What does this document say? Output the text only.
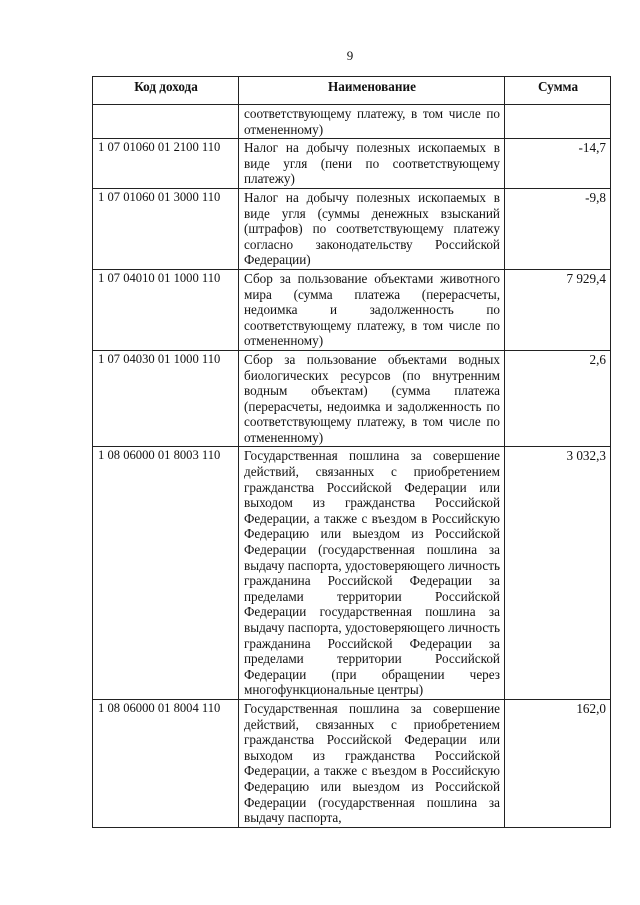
9
Код дохода	Наименование	Сумма
	соответствующему платежу, в том числе по отмененному)	
1 07 01060 01 2100 110	Налог на добычу полезных ископаемых в виде угля (пени по соответствующему платежу)	-14,7
1 07 01060 01 3000 110	Налог на добычу полезных ископаемых в виде угля (суммы денежных взысканий (штрафов) по соответствующему платежу согласно законодательству Российской Федерации)	-9,8
1 07 04010 01 1000 110	Сбор за пользование объектами животного мира (сумма платежа (перерасчеты, недоимка и задолженность по соответствующему платежу, в том числе по отмененному)	7 929,4
1 07 04030 01 1000 110	Сбор за пользование объектами водных биологических ресурсов (по внутренним водным объектам) (сумма платежа (перерасчеты, недоимка и задолженность по соответствующему платежу, в том числе по отмененному)	2,6
1 08 06000 01 8003 110	Государственная пошлина за совершение действий, связанных с приобретением гражданства Российской Федерации или выходом из гражданства Российской Федерации, а также с въездом в Российскую Федерацию или выездом из Российской Федерации (государственная пошлина за выдачу паспорта, удостоверяющего личность гражданина Российской Федерации за пределами территории Российской Федерации государственная пошлина за выдачу паспорта, удостоверяющего личность гражданина Российской Федерации за пределами территории Российской Федерации (при обращении через многофункциональные центры)	3 032,3
1 08 06000 01 8004 110	Государственная пошлина за совершение действий, связанных с приобретением гражданства Российской Федерации или выходом из гражданства Российской Федерации, а также с въездом в Российскую Федерацию или выездом из Российской Федерации (государственная пошлина за выдачу паспорта,	162,0
